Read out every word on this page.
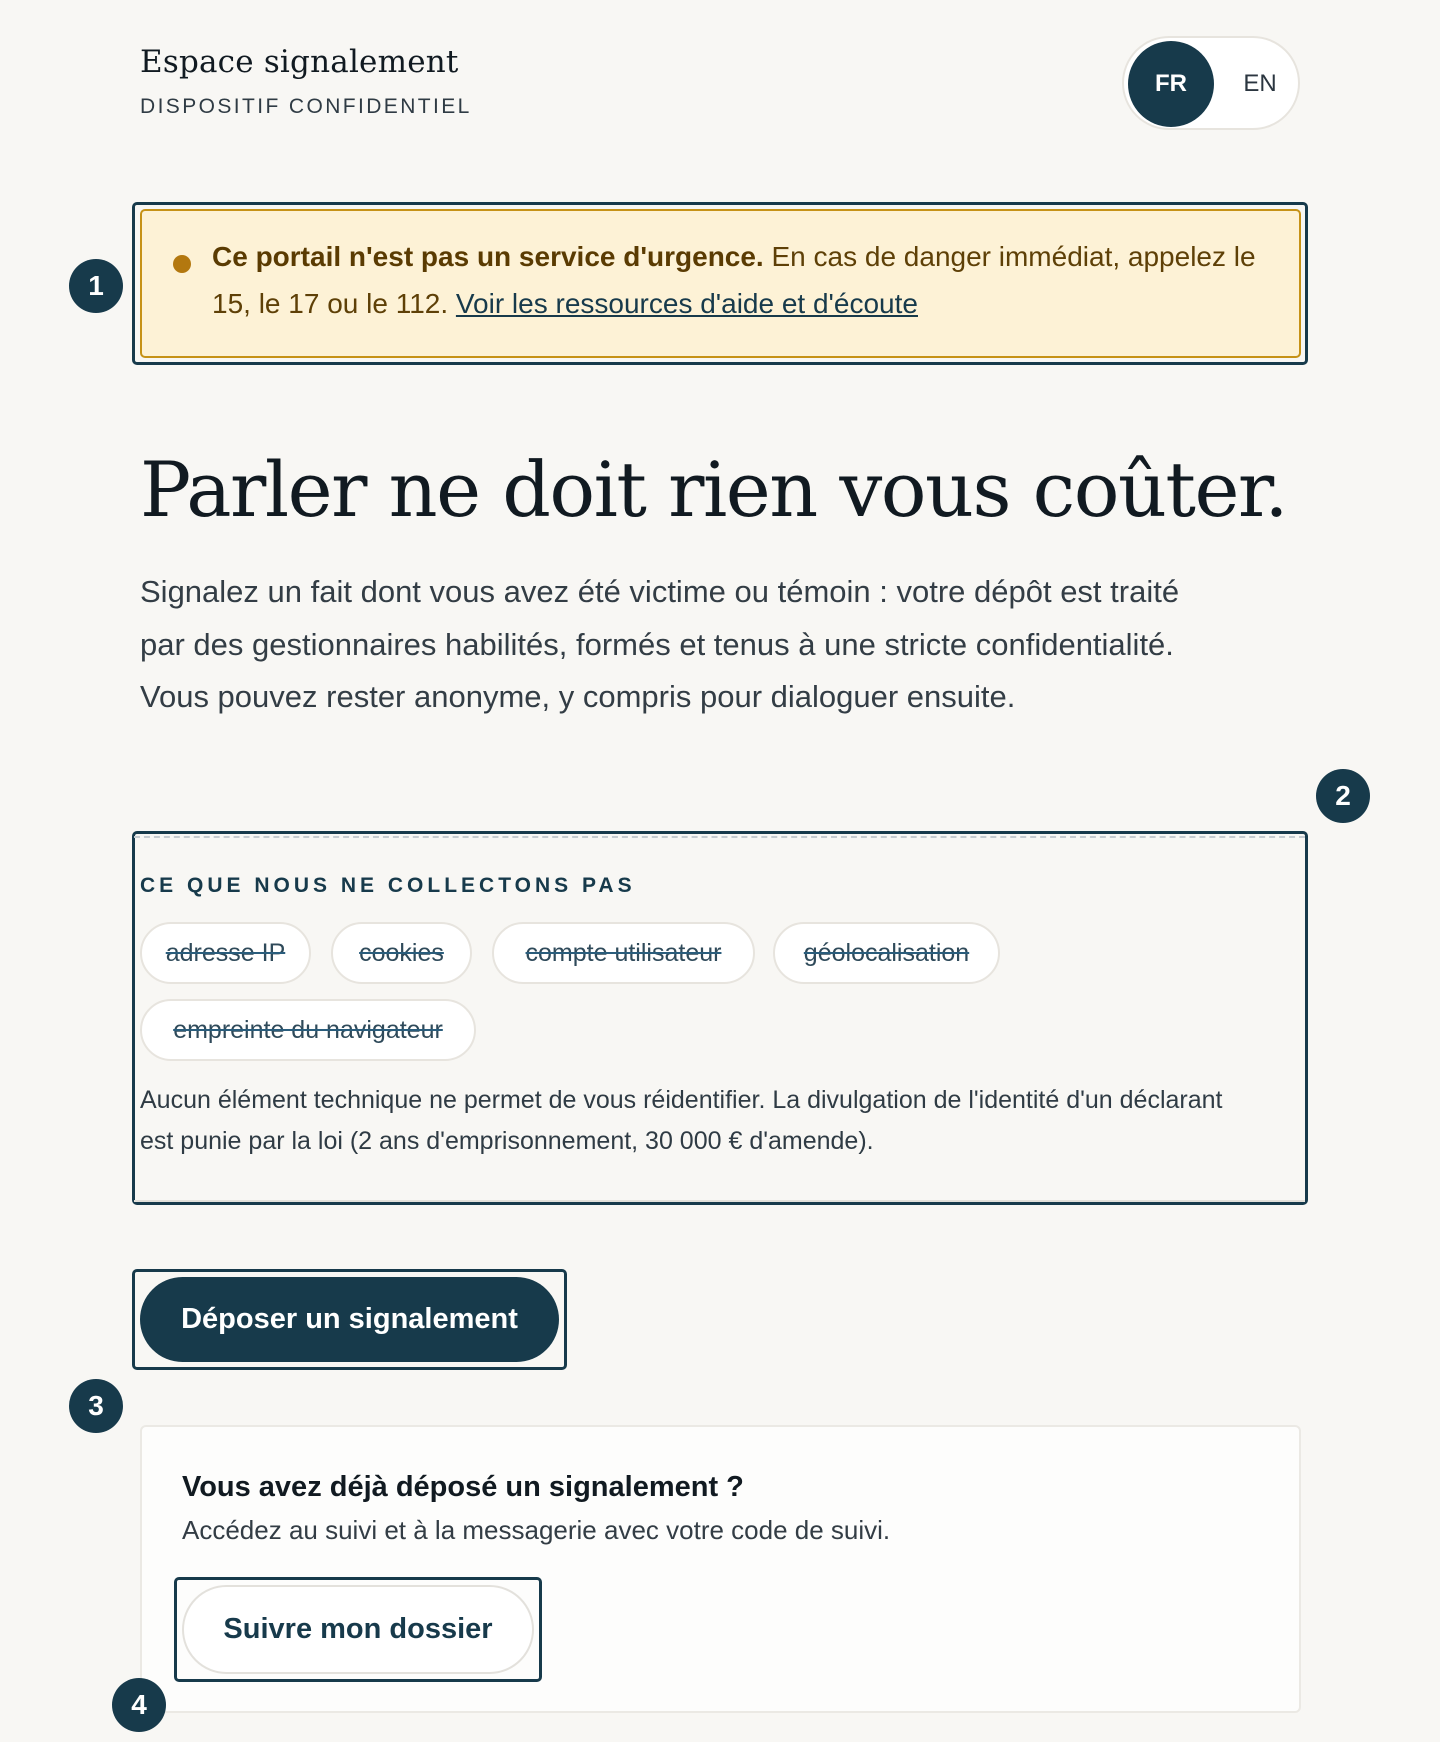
Espace signalement
DISPOSITIF CONFIDENTIEL
FR	EN
Ce portail n'est pas un service d'urgence. En cas de danger immédiat, appelez le 15, le 17 ou le 112. Voir les ressources d'aide et d'écoute
1
Parler ne doit rien vous coûter.

Signalez un fait dont vous avez été victime ou témoin : votre dépôt est traité par des gestionnaires habilités, formés et tenus à une stricte confidentialité. Vous pouvez rester anonyme, y compris pour dialoguer ensuite.

2
CE QUE NOUS NE COLLECTONS PAS
adresse IP	cookies	compte utilisateur	géolocalisation
empreinte du navigateur

Aucun élément technique ne permet de vous réidentifier. La divulgation de l'identité d'un déclarant est punie par la loi (2 ans d'emprisonnement, 30 000 € d'amende).

Déposer un signalement
3
Vous avez déjà déposé un signalement ?

Accédez au suivi et à la messagerie avec votre code de suivi.

Suivre mon dossier
4
